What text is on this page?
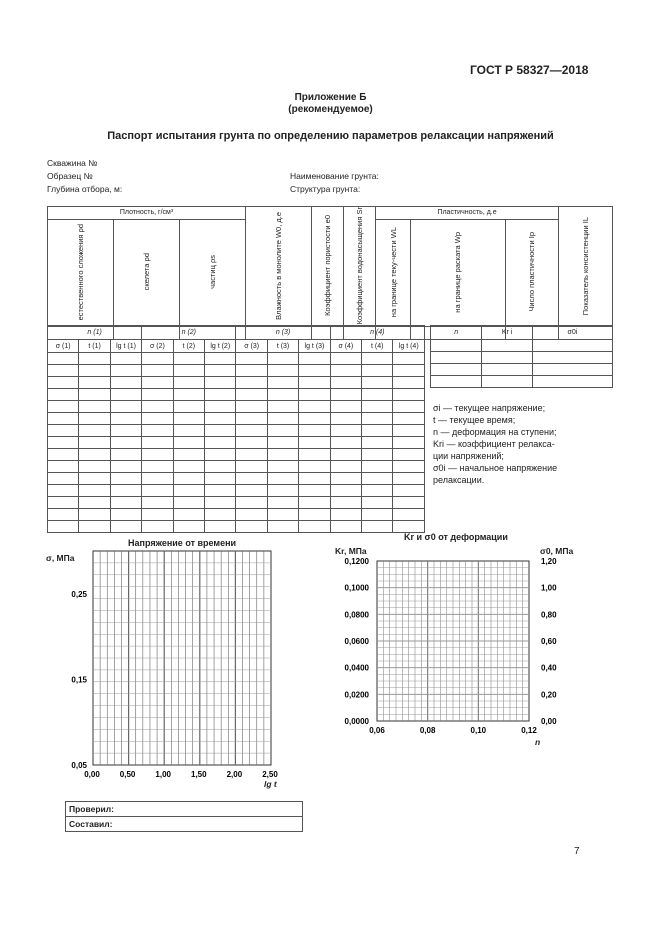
ГОСТ Р 58327—2018
Приложение Б
(рекомендуемое)
Паспорт испытания грунта по определению параметров релаксации напряжений
Скважина №
Образец №
Глубина отбора, м:
Наименование грунта:
Структура грунта:
Плотность, г/см³			Влажность в монолите W0, д.е	Коэффициент пористости e0	Коэффициент водонасыщения Sr	Пластичность, д.е			Показатель консистенции IL
естественного сложения ρd	скелета ρd	частиц ρs				на границе теку-чести WL	на границе раската Wp	Число пластичности Ip	

n (1)			n (2)			n (3)			n (4)		
σ (1)	t (1)	lg t (1)	σ (2)	t (2)	lg t (2)	σ (3)	t (3)	lg t (3)	σ (4)	t (4)	lg t (4)

n	Kr i	σ0i

σi — текущее напряжение;
t — текущее время;
n — деформация на ступени;
Kri — коэффициент релакса-
ции напряжений;
σ0i — начальное напряжение
релаксации.
Напряжение от времени
σ, МПа
0,00	0,50	1,00	1,50	2,00	2,50
0,25
0,15
0,05
lg t
Kr и σ0 от деформации
Kr, МПа	σ0, МПа
0,06	0,08	0,10	0,12
0,1200
0,1000
0,0800
0,0600
0,0400
0,0200
0,0000
1,20
1,00
0,80
0,60
0,40
0,20
0,00
n
Проверил:
Составил:
7
